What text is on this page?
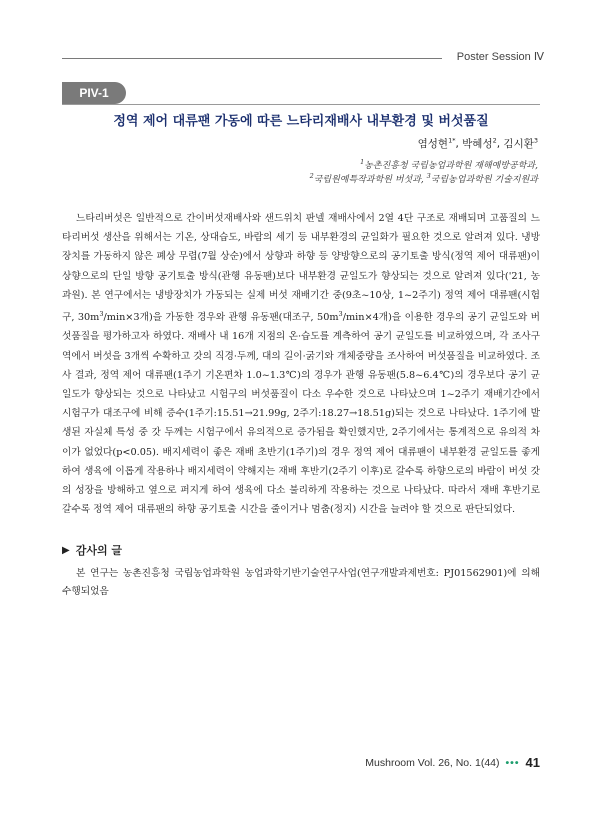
Poster Session Ⅳ
PIV-1
정역 제어 대류팬 가동에 따른 느타리재배사 내부환경 및 버섯품질
염성현$^{1*}$, 박혜성$^2$, 김시환$^3$
$^1$농촌진흥청 국립농업과학원 재해예방공학과,
$^2$국립원예특작과학원 버섯과, $^3$국립농업과학원 기술지원과

느타리버섯은 일반적으로 간이버섯재배사와 샌드위치 판넬 재배사에서 2열 4단 구조로 재배되며 고품질의 느타리버섯 생산을 위해서는 기온, 상대습도, 바람의 세기 등 내부환경의 균일화가 필요한 것으로 알려져 있다. 냉방장치를 가동하지 않은 폐상 무렵(7월 상순)에서 상향과 하향 등 양방향으로의 공기토출 방식(정역 제어 대류팬)이 상향으로의 단일 방향 공기토출 방식(관행 유동팬)보다 내부환경 균일도가 향상되는 것으로 알려져 있다('21, 농과원). 본 연구에서는 냉방장치가 가동되는 실제 버섯 재배기간 중(9초~10상, 1~2주기) 정역 제어 대류팬(시험구, $30m^3/\min\times 3$개)을 가동한 경우와 관행 유동팬(대조구, $50m^3/\min\times 4$개)을 이용한 경우의 공기 균일도와 버섯품질을 평가하고자 하였다. 재배사 내 16개 지점의 온·습도를 계측하여 공기 균일도를 비교하였으며, 각 조사구역에서 버섯을 3개씩 수확하고 갓의 직경·두께, 대의 길이·굵기와 개체중량을 조사하여 버섯품질을 비교하였다. 조사 결과, 정역 제어 대류팬(1주기 기온편차 1.0~1.3℃)의 경우가 관행 유동팬(5.8~6.4℃)의 경우보다 공기 균일도가 향상되는 것으로 나타났고 시험구의 버섯품질이 다소 우수한 것으로 나타났으며 1~2주기 재배기간에서 시험구가 대조구에 비해 증수(1주기:15.51→21.99g, 2주기:18.27→18.51g)되는 것으로 나타났다. 1주기에 발생된 자실체 특성 중 갓 두께는 시험구에서 유의적으로 증가됨을 확인했지만, 2주기에서는 통계적으로 유의적 차이가 없었다(p<0.05). 배지세력이 좋은 재배 초반기(1주기)의 경우 정역 제어 대류팬이 내부환경 균일도를 좋게 하여 생육에 이롭게 작용하나 배지세력이 약해지는 재배 후반기(2주기 이후)로 갈수록 하향으로의 바람이 버섯 갓의 성장을 방해하고 옆으로 퍼지게 하여 생육에 다소 불리하게 작용하는 것으로 나타났다. 따라서 재배 후반기로 갈수록 정역 제어 대류팬의 하향 공기토출 시간을 줄이거나 멈춤(정지) 시간을 늘려야 할 것으로 판단되었다.

▶ 감사의 글

본 연구는 농촌진흥청 국립농업과학원 농업과학기반기술연구사업(연구개발과제번호: PJ01562901)에 의해 수행되었음

Mushroom Vol. 26, No. 1(44) ••• 41
